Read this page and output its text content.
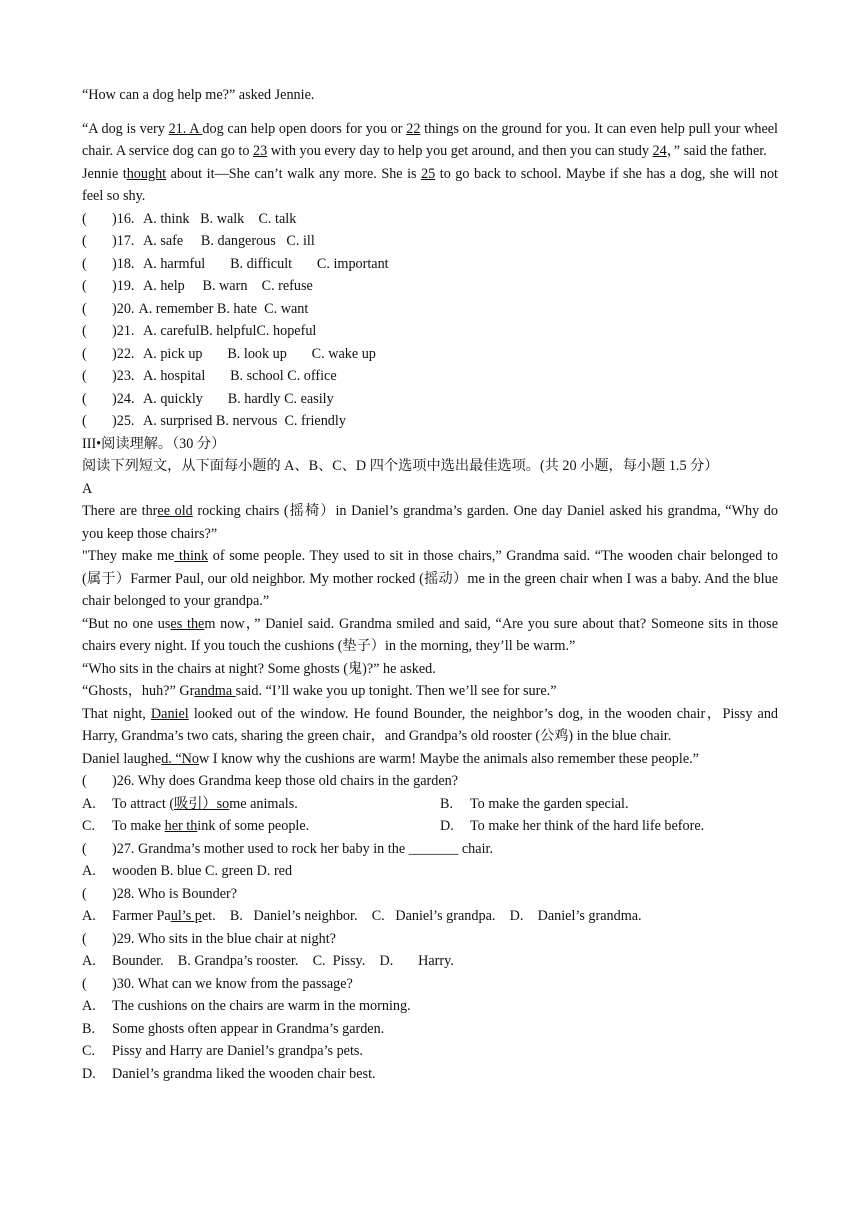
“How can a dog help me?” asked Jennie.

“A dog is very 21. A dog can help open doors for you or 22 things on the ground for you. It can even help pull your wheel chair. A service dog can go to 23 with you every day to help you get around, and then you can study 24，” said the father.

Jennie thought about it—She can’t walk any more. She is 25 to go back to school. Maybe if she has a dog, she will not feel so shy.

(	)16. A. think   B. walk    C. talk
(	)17. A. safe     B. dangerous   C. ill
(	)18. A. harmful       B. difficult       C. important
(	)19. A. help     B. warn    C. refuse
(	)20. A. remember B. hate  C. want
(	)21. A. carefulB. helpfulC. hopeful
(	)22. A. pick up       B. look up       C. wake up
(	)23. A. hospital       B. school C. office
(	)24. A. quickly       B. hardly C. easily
(	)25. A. surprised B. nervous  C. friendly

III•阅读理解。（30 分）

阅读下列短文，从下面每小题的 A、B、C、D 四个选项中选出最佳选项。(共 20 小题，每小题 1.5 分）

A

There are three old rocking chairs (摇椅）in Daniel’s grandma’s garden. One day Daniel asked his grandma, “Why do you keep those chairs?”

"They make me think of some people. They used to sit in those chairs,” Grandma said. “The wooden chair belonged to (属于）Farmer Paul, our old neighbor. My mother rocked (摇动）me in the green chair when I was a baby. And the blue chair belonged to your grandpa.”

“But no one uses them now，” Daniel said. Grandma smiled and said, “Are you sure about that? Someone sits in those chairs every night. If you touch the cushions (垫子）in the morning, they’ll be warm.”

“Who sits in the chairs at night? Some ghosts (鬼)?” he asked.

“Ghosts，huh?” Grandma said. “I’ll wake you up tonight. Then we’ll see for sure.”

That night, Daniel looked out of the window. He found Bounder, the neighbor’s dog, in the wooden chair，Pissy and Harry, Grandma’s two cats, sharing the green chair，and Grandpa’s old rooster (公鸡) in the blue chair.

Daniel laughed. “Now I know why the cushions are warm! Maybe the animals also remember these people.”

(	)26. Why does Grandma keep those old chairs in the garden?
A.	To attract (吸引）some animals.	B.	To make the garden special.
C.	To make her think of some people.	D.	To make her think of the hard life before.
(	)27. Grandma’s mother used to rock her baby in the _______ chair.
A.	wooden B. blue C. green D. red
(	)28. Who is Bounder?
A.	Farmer Paul’s pet.    B.   Daniel’s neighbor.    C.   Daniel’s grandpa.    D.    Daniel’s grandma.
(	)29. Who sits in the blue chair at night?
A.	Bounder.    B. Grandpa’s rooster.    C.  Pissy.    D.       Harry.
(	)30. What can we know from the passage?
A.	The cushions on the chairs are warm in the morning.
B.	Some ghosts often appear in Grandma’s garden.
C.	Pissy and Harry are Daniel’s grandpa’s pets.
D.	Daniel’s grandma liked the wooden chair best.
